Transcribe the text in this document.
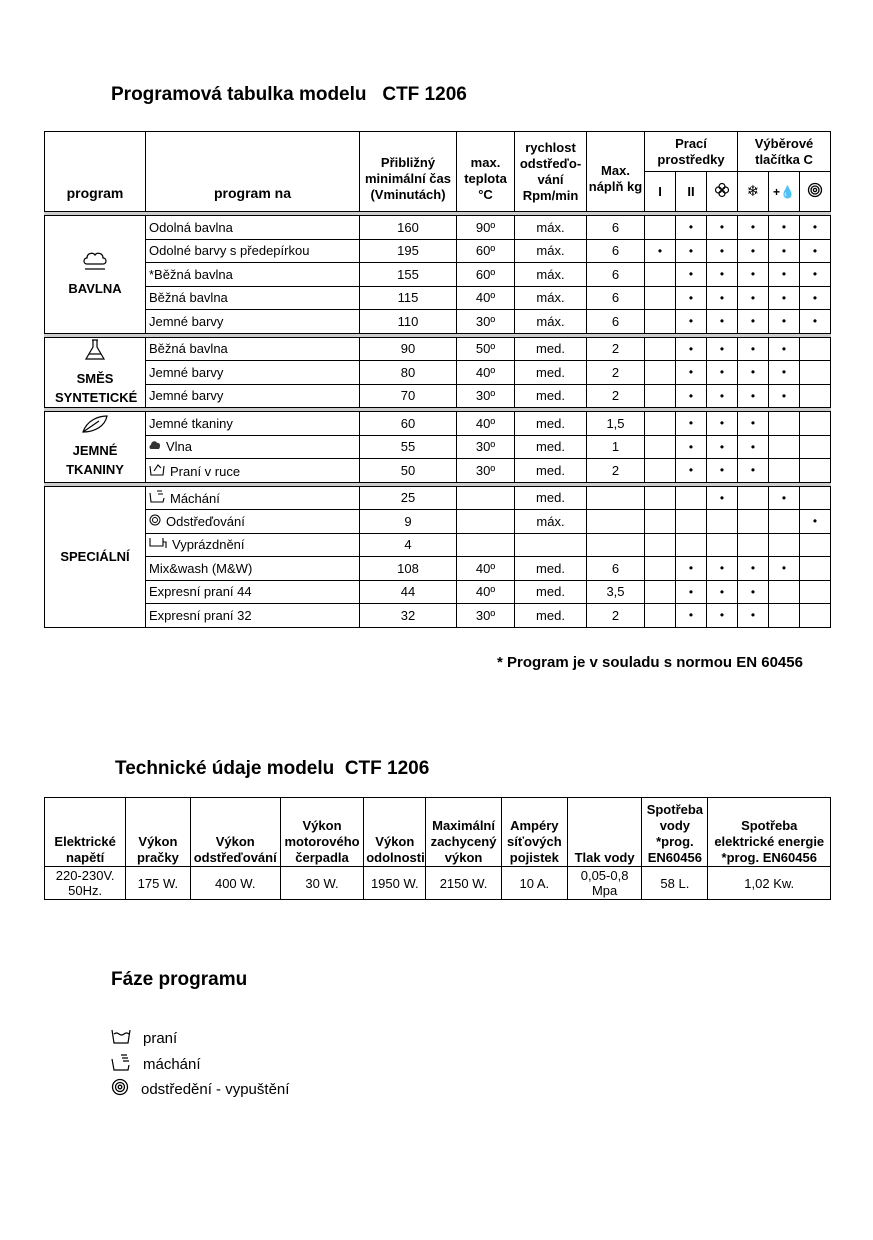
Programová tabulka modelu   CTF 1206
program	program na	Přibližný minimální čas (Vminutách)	max. teplota °C	rychlost odstřeďo- vání Rpm/min	Max. náplň kg	Prací prostředky			Výběrové tlačítka C		
						I	II		❄	+💧	

BAVLNA	Odolná bavlna	160	90º	máx.	6		•	•	•	•	•
	Odolné barvy s předepírkou	195	60º	máx.	6	•	•	•	•	•	•
	*Běžná bavlna	155	60º	máx.	6		•	•	•	•	•
	Běžná bavlna	115	40º	máx.	6		•	•	•	•	•
	Jemné barvy	110	30º	máx.	6		•	•	•	•	•

SMĚS SYNTETICKÉ	Běžná bavlna	90	50º	med.	2		•	•	•	•	
	Jemné barvy	80	40º	med.	2		•	•	•	•	
	Jemné barvy	70	30º	med.	2		•	•	•	•	

JEMNÉ TKANINY	Jemné tkaniny	60	40º	med.	1,5		•	•	•		
	Vlna	55	30º	med.	1		•	•	•		
	Praní v ruce	50	30º	med.	2		•	•	•		

SPECIÁLNÍ	Máchání	25		med.				•		•	
	Odstřeďování	9		máx.							•
	Vyprázdnění	4									
	Mix&wash (M&W)	108	40º	med.	6		•	•	•	•	
	Expresní praní 44	44	40º	med.	3,5		•	•	•		
	Expresní praní 32	32	30º	med.	2		•	•	•		
* Program je v souladu s normou EN 60456
Technické údaje modelu  CTF 1206
Elektrické napětí	Výkon pračky	Výkon odstřeďování	Výkon motorového čerpadla	Výkon odolnosti	Maximální zachycený výkon	Ampéry síťových pojistek	Tlak vody	Spotřeba vody *prog. EN60456	Spotřeba elektrické energie *prog. EN60456
220-230V. 50Hz.	175 W.	400 W.	30 W.	1950 W.	2150 W.	10 A.	0,05-0,8 Mpa	58 L.	1,02 Kw.
Fáze programu
praní
máchání
odstředění - vypuštění
